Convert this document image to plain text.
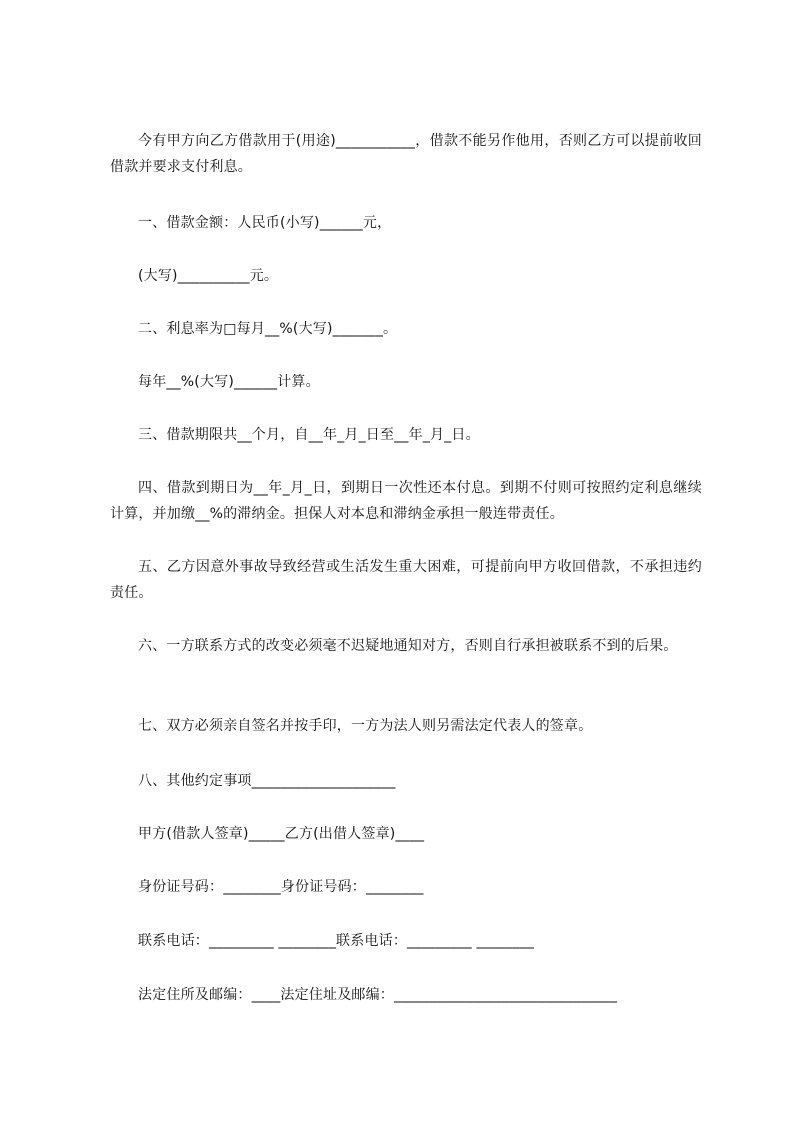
今有甲方向乙方借款用于(用途)___________，借款不能另作他用，否则乙方可以提前收回借款并要求支付利息。
一、借款金额：人民币(小写)______元，
(大写)__________元。
二、利息率为□每月__%(大写)_______。
每年__%(大写)______计算。
三、借款期限共__个月，自__年_月_日至__年_月_日。
四、借款到期日为__年_月_日，到期日一次性还本付息。到期不付则可按照约定利息继续计算，并加缴__%的滞纳金。担保人对本息和滞纳金承担一般连带责任。
五、乙方因意外事故导致经营或生活发生重大困难，可提前向甲方收回借款，不承担违约责任。
六、一方联系方式的改变必须毫不迟疑地通知对方，否则自行承担被联系不到的后果。
七、双方必须亲自签名并按手印，一方为法人则另需法定代表人的签章。
八、其他约定事项____________________
甲方(借款人签章)_____乙方(出借人签章)____
身份证号码：________身份证号码：________
联系电话：_________ ________联系电话：_________ ________
法定住所及邮编：____法定住址及邮编：_______________________________
